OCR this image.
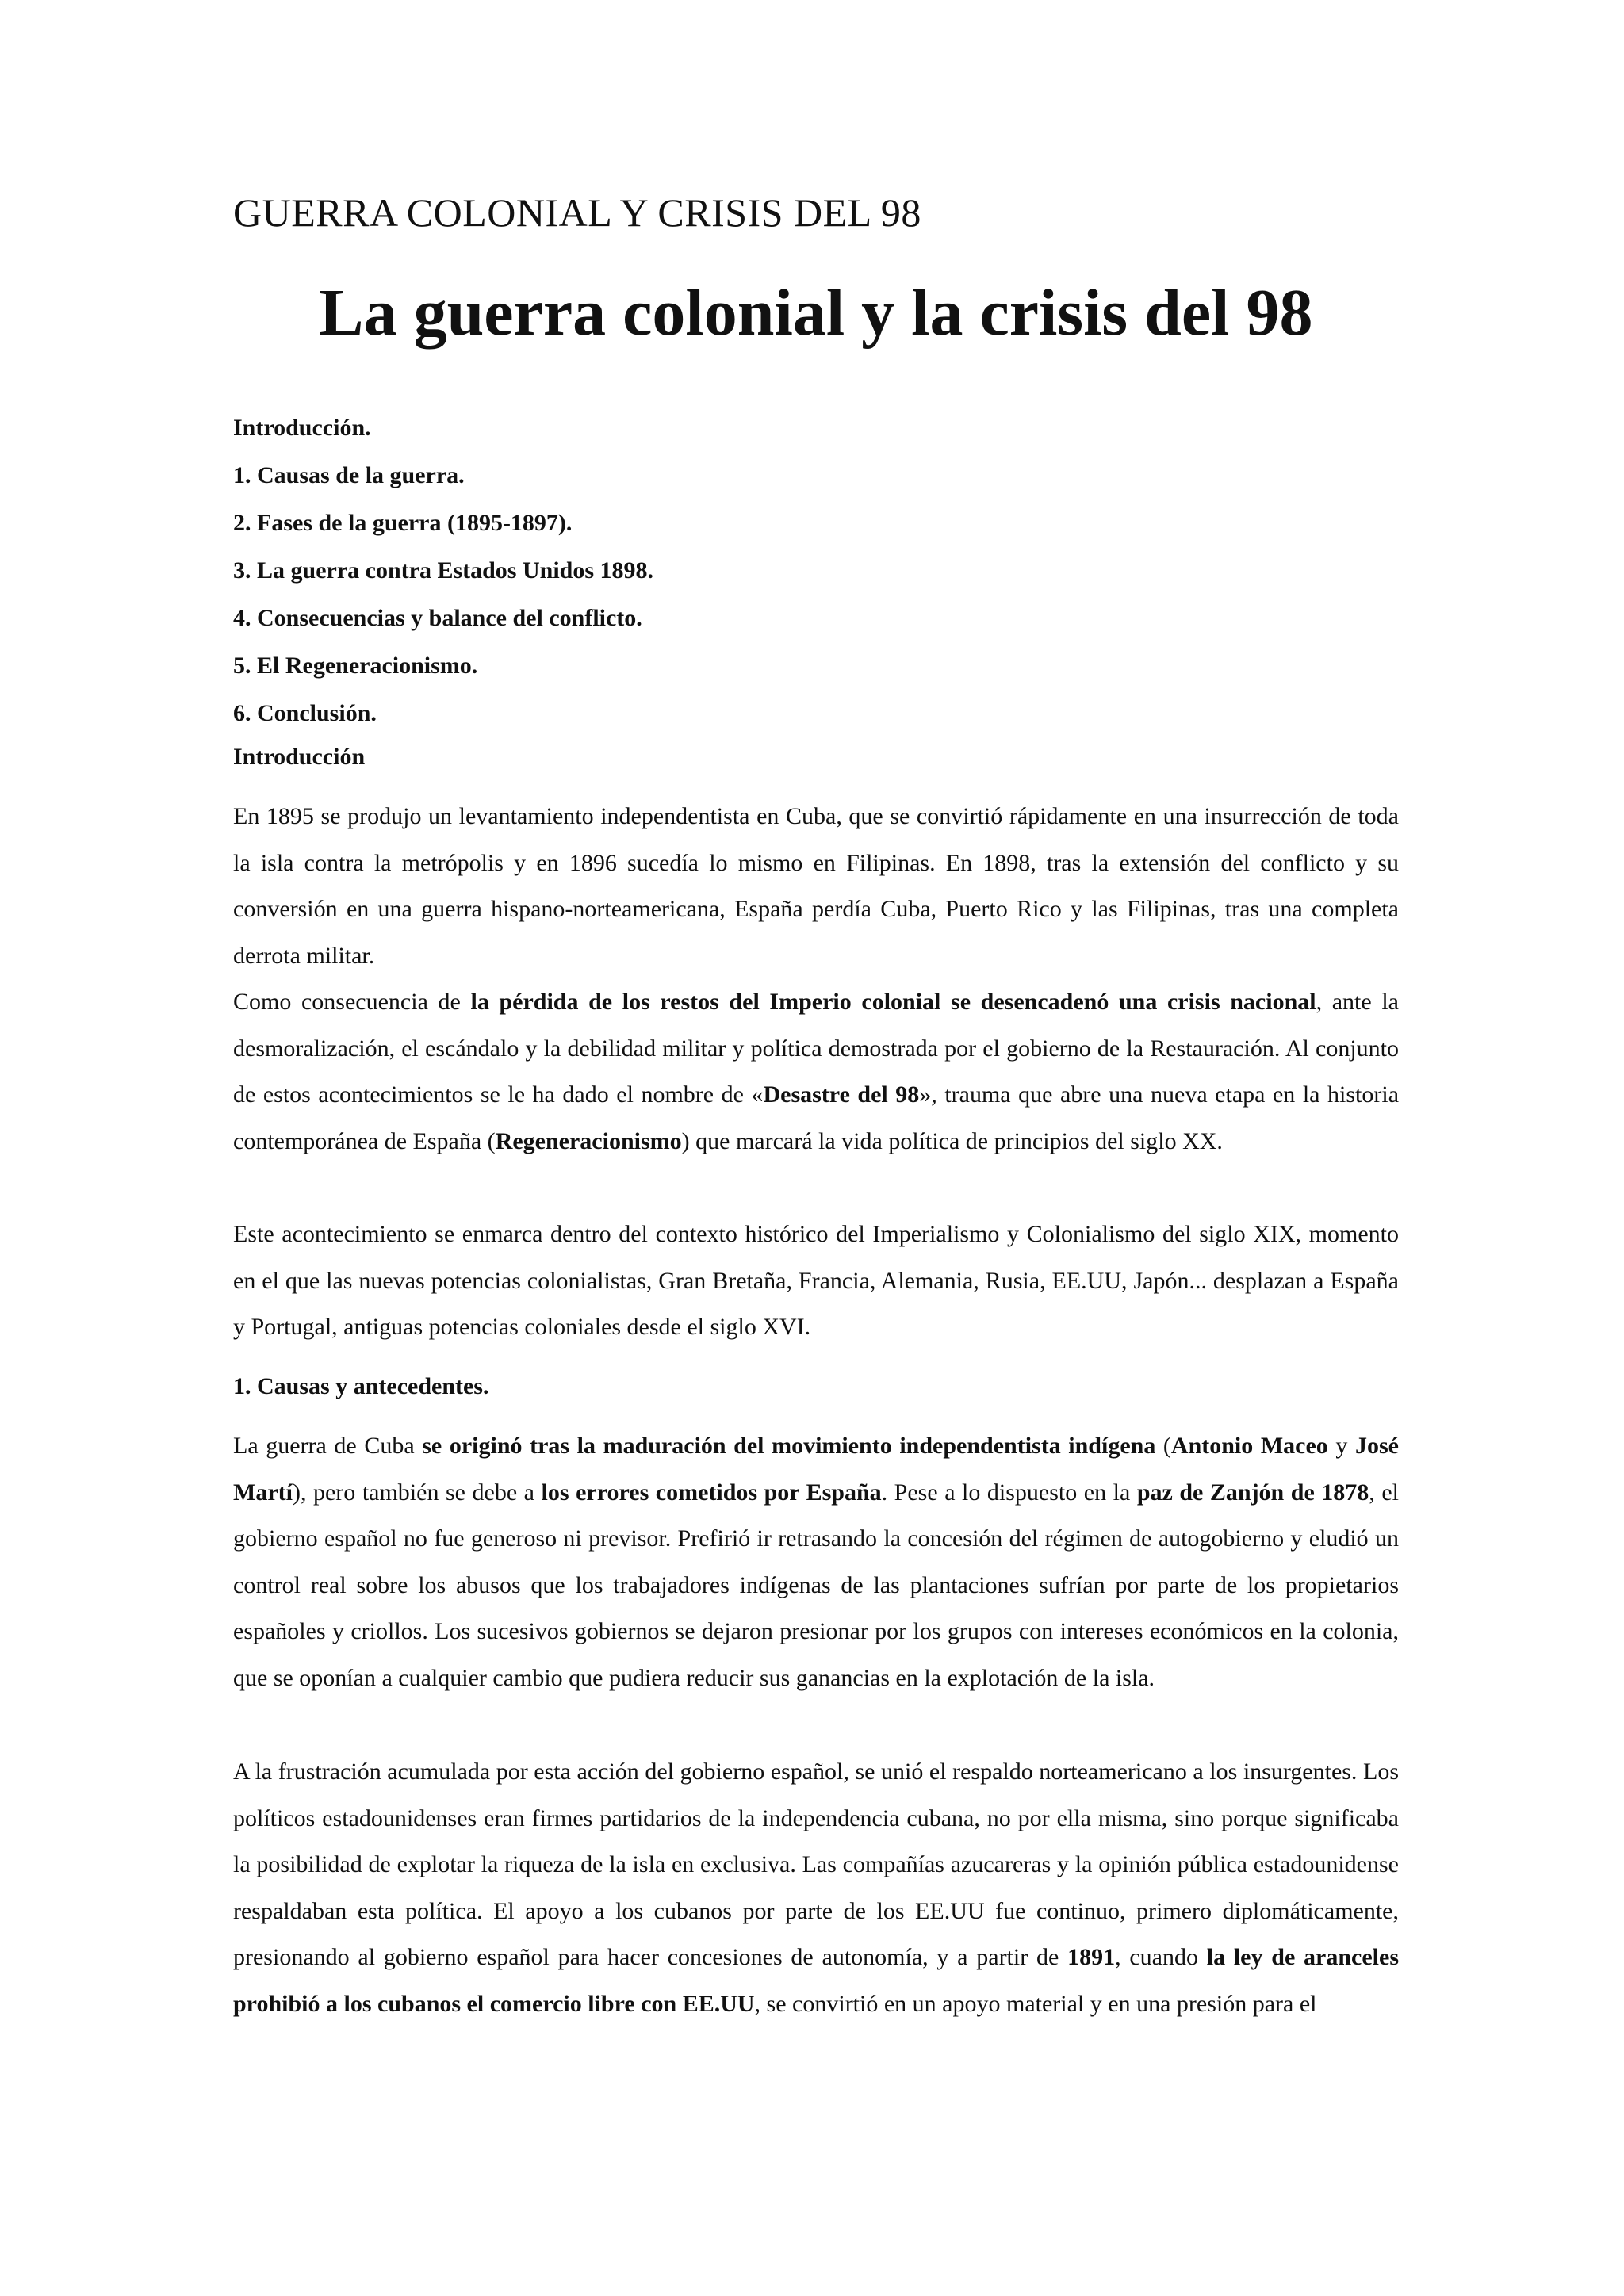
GUERRA COLONIAL Y CRISIS DEL 98
La guerra colonial y la crisis del 98
Introducción.
1. Causas de la guerra.
2. Fases de la guerra (1895-1897).
3. La guerra contra Estados Unidos 1898.
4. Consecuencias y balance del conflicto.
5. El Regeneracionismo.
6. Conclusión.
Introducción

En 1895 se produjo un levantamiento independentista en Cuba, que se convirtió rápidamente en una insurrección de toda la isla contra la metrópolis y en 1896 sucedía lo mismo en Filipinas. En 1898, tras la extensión del conflicto y su conversión en una guerra hispano-norteamericana, España perdía Cuba, Puerto Rico y las Filipinas, tras una completa derrota militar.

Como consecuencia de la pérdida de los restos del Imperio colonial se desencadenó una crisis nacional, ante la desmoralización, el escándalo y la debilidad militar y política demostrada por el gobierno de la Restauración. Al conjunto de estos acontecimientos se le ha dado el nombre de «Desastre del 98», trauma que abre una nueva etapa en la historia contemporánea de España (Regeneracionismo) que marcará la vida política de principios del siglo XX.

Este acontecimiento se enmarca dentro del contexto histórico del Imperialismo y Colonialismo del siglo XIX, momento en el que las nuevas potencias colonialistas, Gran Bretaña, Francia, Alemania, Rusia, EE.UU, Japón... desplazan a España y Portugal, antiguas potencias coloniales desde el siglo XVI.

1. Causas y antecedentes.

La guerra de Cuba se originó tras la maduración del movimiento independentista indígena (Antonio Maceo y José Martí), pero también se debe a los errores cometidos por España. Pese a lo dispuesto en la paz de Zanjón de 1878, el gobierno español no fue generoso ni previsor. Prefirió ir retrasando la concesión del régimen de autogobierno y eludió un control real sobre los abusos que los trabajadores indígenas de las plantaciones sufrían por parte de los propietarios españoles y criollos. Los sucesivos gobiernos se dejaron presionar por los grupos con intereses económicos en la colonia, que se oponían a cualquier cambio que pudiera reducir sus ganancias en la explotación de la isla.

A la frustración acumulada por esta acción del gobierno español, se unió el respaldo norteamericano a los insurgentes. Los políticos estadounidenses eran firmes partidarios de la independencia cubana, no por ella misma, sino porque significaba la posibilidad de explotar la riqueza de la isla en exclusiva. Las compañías azucareras y la opinión pública estadounidense respaldaban esta política. El apoyo a los cubanos por parte de los EE.UU fue continuo, primero diplomáticamente, presionando al gobierno español para hacer concesiones de autonomía, y a partir de 1891, cuando la ley de aranceles prohibió a los cubanos el comercio libre con EE.UU, se convirtió en un apoyo material y en una presión para el
